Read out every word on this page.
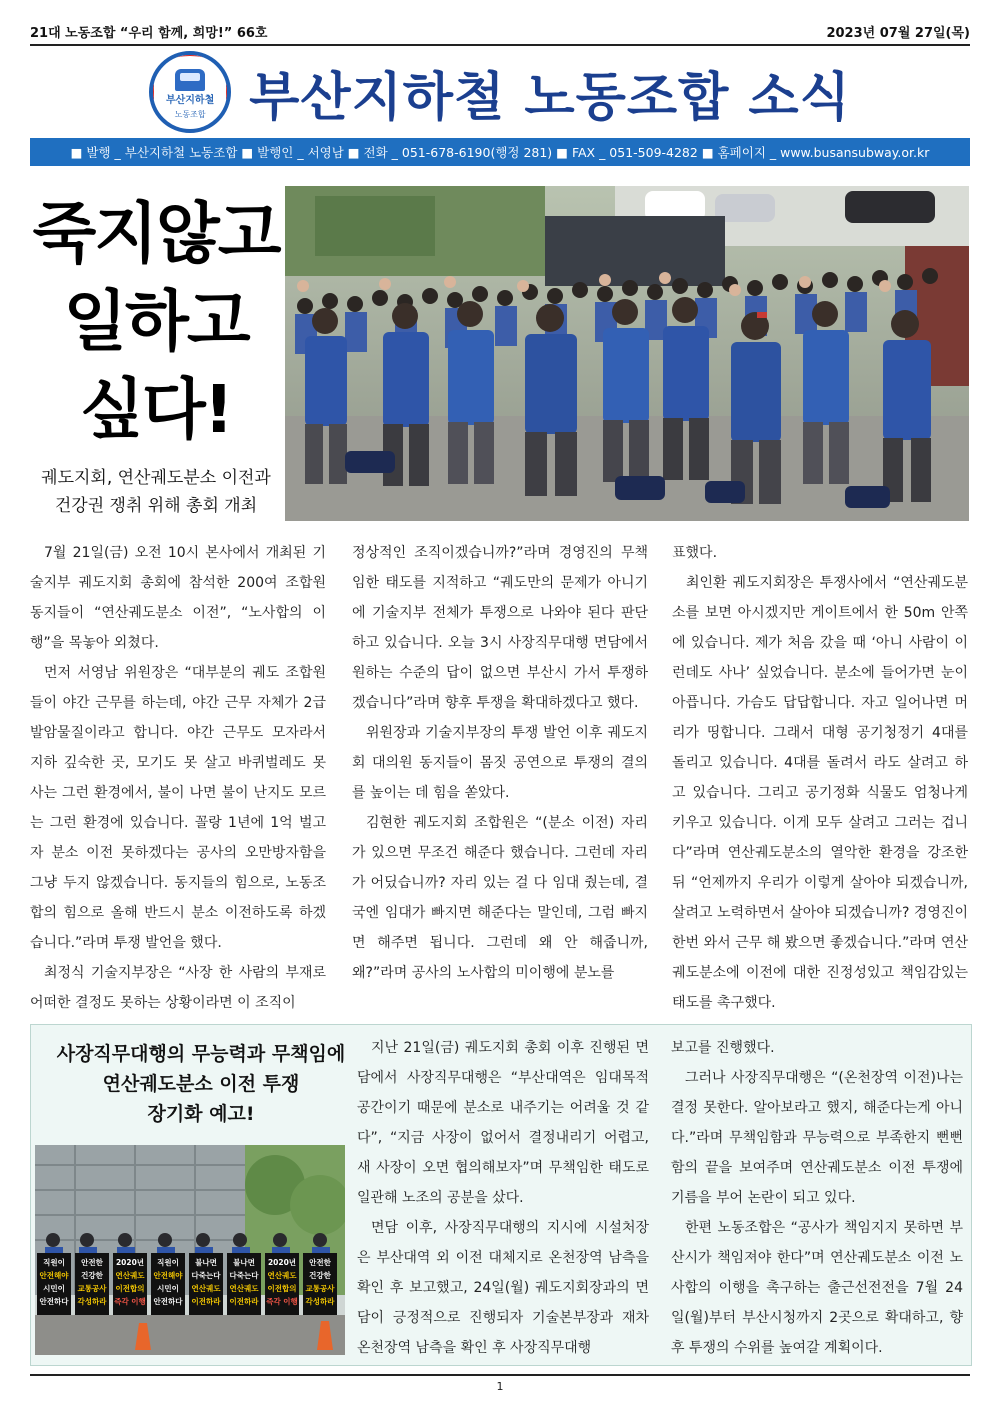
21대 노동조합 “우리 함께, 희망!” 66호	2023년 07월 27일(목)
부산지하철
노동조합 부산지하철 노동조합 소식
■ 발행 _ 부산지하철 노동조합 ■ 발행인 _ 서영남 ■ 전화 _ 051-678-6190(행정 281) ■ FAX _ 051-509-4282 ■ 홈페이지 _ www.busansubway.or.kr
죽지않고
일하고
싶다!
궤도지회, 연산궤도분소 이전과
건강권 쟁취 위해 총회 개최

7월 21일(금) 오전 10시 본사에서 개최된 기술지부 궤도지회 총회에 참석한 200여 조합원 동지들이 “연산궤도분소 이전”, “노사합의 이행”을 목놓아 외쳤다.

먼저 서영남 위원장은 “대부분의 궤도 조합원들이 야간 근무를 하는데, 야간 근무 자체가 2급 발암물질이라고 합니다. 야간 근무도 모자라서 지하 깊숙한 곳, 모기도 못 살고 바퀴벌레도 못 사는 그런 환경에서, 불이 나면 불이 난지도 모르는 그런 환경에 있습니다. 꼴랑 1년에 1억 벌고자 분소 이전 못하겠다는 공사의 오만방자함을 그냥 두지 않겠습니다. 동지들의 힘으로, 노동조합의 힘으로 올해 반드시 분소 이전하도록 하겠습니다.”라며 투쟁 발언을 했다.

최정식 기술지부장은 “사장 한 사람의 부재로 어떠한 결정도 못하는 상황이라면 이 조직이

정상적인 조직이겠습니까?”라며 경영진의 무책임한 태도를 지적하고 “궤도만의 문제가 아니기에 기술지부 전체가 투쟁으로 나와야 된다 판단하고 있습니다. 오늘 3시 사장직무대행 면담에서 원하는 수준의 답이 없으면 부산시 가서 투쟁하겠습니다”라며 향후 투쟁을 확대하겠다고 했다.

위원장과 기술지부장의 투쟁 발언 이후 궤도지회 대의원 동지들이 몸짓 공연으로 투쟁의 결의를 높이는 데 힘을 쏟았다.

김현한 궤도지회 조합원은 “(분소 이전) 자리가 있으면 무조건 해준다 했습니다. 그런데 자리가 어딨습니까? 자리 있는 걸 다 임대 줬는데, 결국엔 임대가 빠지면 해준다는 말인데, 그럼 빠지면 해주면 됩니다. 그런데 왜 안 해줍니까, 왜?”라며 공사의 노사합의 미이행에 분노를

표했다.

최인환 궤도지회장은 투쟁사에서 “연산궤도분소를 보면 아시겠지만 게이트에서 한 50m 안쪽에 있습니다. 제가 처음 갔을 때 ‘아니 사람이 이런데도 사나’ 싶었습니다. 분소에 들어가면 눈이 아픕니다. 가슴도 답답합니다. 자고 일어나면 머리가 띵합니다. 그래서 대형 공기청정기 4대를 돌리고 있습니다. 4대를 돌려서 라도 살려고 하고 있습니다. 그리고 공기정화 식물도 엄청나게 키우고 있습니다. 이게 모두 살려고 그러는 겁니다”라며 연산궤도분소의 열악한 환경을 강조한 뒤 “언제까지 우리가 이렇게 살아야 되겠습니까, 살려고 노력하면서 살아야 되겠습니까? 경영진이 한번 와서 근무 해 봤으면 좋겠습니다.”라며 연산궤도분소에 이전에 대한 진정성있고 책임감있는 태도를 촉구했다.

사장직무대행의 무능력과 무책임에
연산궤도분소 이전 투쟁
장기화 예고!
직원이
안전해야
시민이
안전하다
안전한
건강한
교통공사
각성하라
2020년
연산궤도
이전합의
즉각 이행
직원이
안전해야
시민이
안전하다
불나면
다죽는다
연산궤도
이전하라
불나면
다죽는다
연산궤도
이전하라
2020년
연산궤도
이전합의
즉각 이행
안전한
건강한
교통공사
각성하라

지난 21일(금) 궤도지회 총회 이후 진행된 면담에서 사장직무대행은 “부산대역은 임대목적 공간이기 때문에 분소로 내주기는 어려울 것 같다”, “지금 사장이 없어서 결정내리기 어렵고, 새 사장이 오면 협의해보자”며 무책임한 태도로 일관해 노조의 공분을 샀다.

면담 이후, 사장직무대행의 지시에 시설처장은 부산대역 외 이전 대체지로 온천장역 남측을 확인 후 보고했고, 24일(월) 궤도지회장과의 면담이 긍정적으로 진행되자 기술본부장과 재차 온천장역 남측을 확인 후 사장직무대행

보고를 진행했다.

그러나 사장직무대행은 “(온천장역 이전)나는 결정 못한다. 알아보라고 했지, 해준다는게 아니다.”라며 무책임함과 무능력으로 부족한지 뻔뻔함의 끝을 보여주며 연산궤도분소 이전 투쟁에 기름을 부어 논란이 되고 있다.

한편 노동조합은 “공사가 책임지지 못하면 부산시가 책임져야 한다”며 연산궤도분소 이전 노사합의 이행을 촉구하는 출근선전전을 7월 24일(월)부터 부산시청까지 2곳으로 확대하고, 향후 투쟁의 수위를 높여갈 계획이다.

1
